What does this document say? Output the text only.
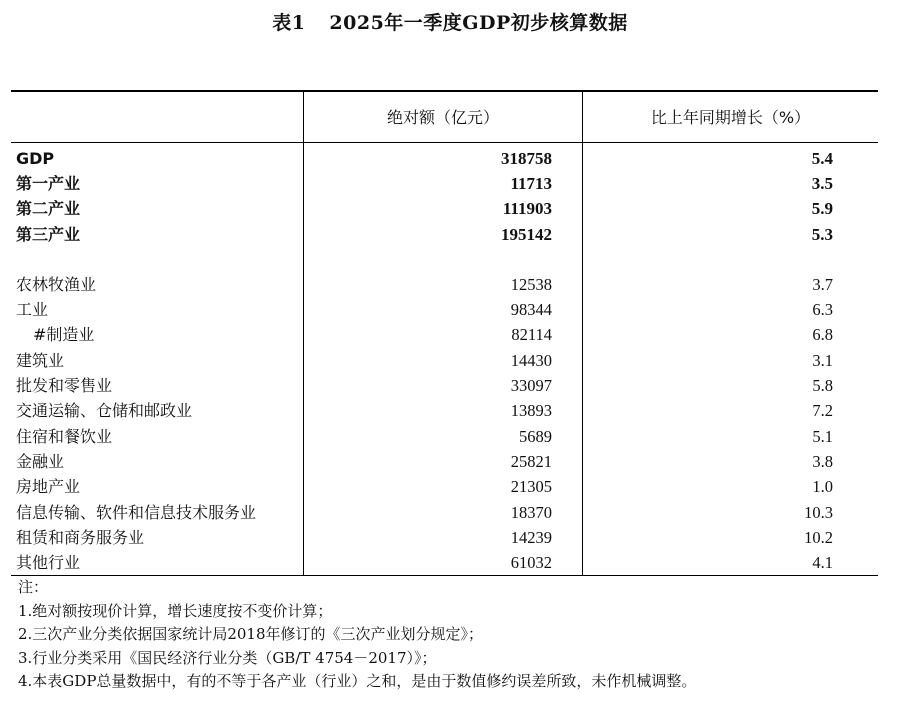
表1 2025年一季度GDP初步核算数据
	绝对额（亿元）	比上年同期增长（%）
GDP	318758	5.4
第一产业	11713	3.5
第二产业	111903	5.9
第三产业	195142	5.3

农林牧渔业	12538	3.7
工业	98344	6.3
#制造业	82114	6.8
建筑业	14430	3.1
批发和零售业	33097	5.8
交通运输、仓储和邮政业	13893	7.2
住宿和餐饮业	5689	5.1
金融业	25821	3.8
房地产业	21305	1.0
信息传输、软件和信息技术服务业	18370	10.3
租赁和商务服务业	14239	10.2
其他行业	61032	4.1
注：
1.绝对额按现价计算，增长速度按不变价计算；
2.三次产业分类依据国家统计局2018年修订的《三次产业划分规定》；
3.行业分类采用《国民经济行业分类（GB/T 4754－2017）》；
4.本表GDP总量数据中，有的不等于各产业（行业）之和，是由于数值修约误差所致，未作机械调整。
